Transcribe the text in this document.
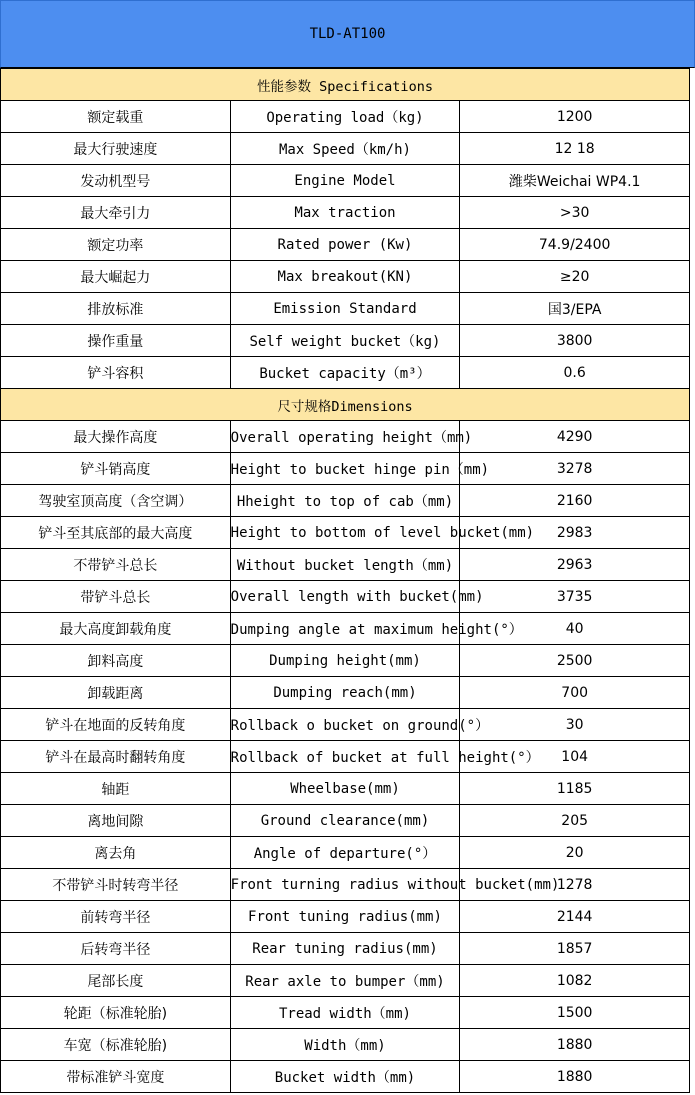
TLD-AT100
性能参数 Specifications		
额定载重	Operating load（kg)	1200
最大行驶速度	Max Speed（km/h)	12 18
发动机型号	Engine Model	潍柴Weichai WP4.1
最大牵引力	Max traction	>30
额定功率	Rated power (Kw)	74.9/2400
最大崛起力	Max breakout(KN)	≥20
排放标准	Emission Standard	国3/EPA
操作重量	Self weight bucket（kg)	3800
铲斗容积	Bucket capacity（m³）	0.6
尺寸规格Dimensions		
最大操作高度	Overall operating height（mm)	4290
铲斗销高度	Height to bucket hinge pin（mm)	3278
驾驶室顶高度（含空调）	Hheight to top of cab（mm)	2160
铲斗至其底部的最大高度	Height to bottom of level bucket(mm)	2983
不带铲斗总长	Without bucket length（mm)	2963
带铲斗总长	Overall length with bucket(mm)	3735
最大高度卸载角度	Dumping angle at maximum height(°）	40
卸料高度	Dumping height(mm)	2500
卸载距离	Dumping reach(mm)	700
铲斗在地面的反转角度	Rollback o bucket on ground(°）	30
铲斗在最高时翻转角度	Rollback of bucket at full height(°）	104
轴距	Wheelbase(mm)	1185
离地间隙	Ground clearance(mm)	205
离去角	Angle of departure(°）	20
不带铲斗时转弯半径	Front turning radius without bucket(mm)	1278
前转弯半径	Front tuning radius(mm)	2144
后转弯半径	Rear tuning radius(mm)	1857
尾部长度	Rear axle to bumper（mm)	1082
轮距（标准轮胎)	Tread width（mm)	1500
车宽（标准轮胎)	Width（mm)	1880
带标准铲斗宽度	Bucket width（mm)	1880
